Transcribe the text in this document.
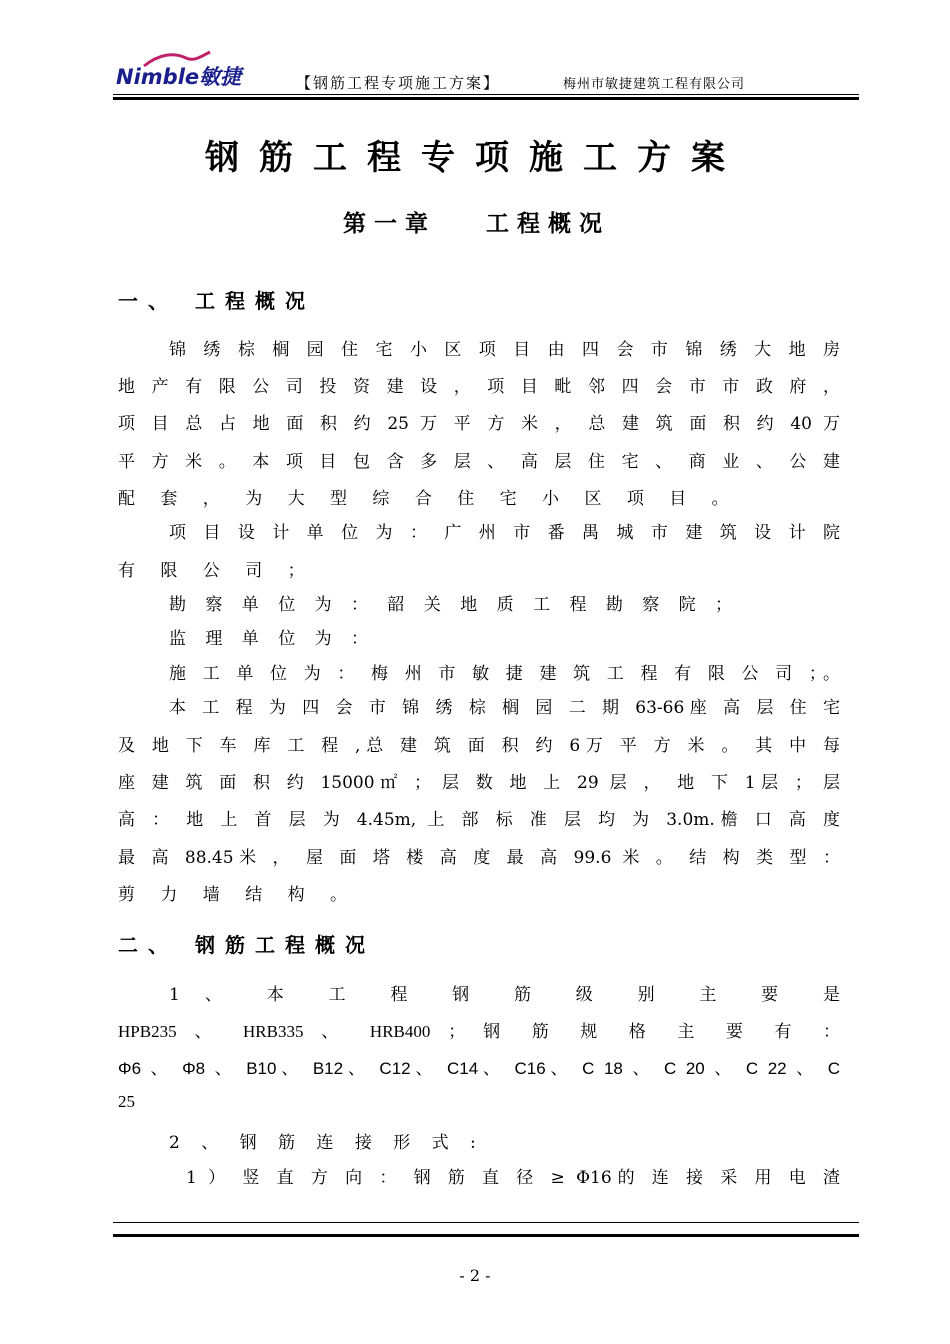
Nimble敏捷	【钢筋工程专项施工方案】	梅州市敏捷建筑工程有限公司
钢筋工程专项施工方案
第一章 工程概况
一、 工程概况
锦 绣 棕 榈 园 住 宅 小 区 项 目 由 四 会 市 锦 绣 大 地 房
地 产 有 限 公 司 投 资 建 设 ， 项 目 毗 邻 四 会 市 市 政 府 ，
项 目 总 占 地 面 积 约 25 万 平 方 米 ， 总 建 筑 面 积 约 40 万
平 方 米 。 本 项 目 包 含 多 层 、 高 层 住 宅 、 商 业 、 公 建
配 套 ， 为 大 型 综 合 住 宅 小 区 项 目 。
项 目 设 计 单 位 为 ： 广 州 市 番 禺 城 市 建 筑 设 计 院
有 限 公 司 ；
勘 察 单 位 为 ： 韶 关 地 质 工 程 勘 察 院 ；
监 理 单 位 为 ：
施 工 单 位 为 ： 梅 州 市 敏 捷 建 筑 工 程 有 限 公 司 ；。
本 工 程 为 四 会 市 锦 绣 棕 榈 园 二 期 63-66座 高 层 住 宅
及 地 下 车 库 工 程 ,总 建 筑 面 积 约 6万 平 方 米 。 其 中 每
座 建 筑 面 积 约 15000㎡ ； 层 数 地 上 29 层 ， 地 下 1层 ； 层
高 ： 地 上 首 层 为 4.45m, 上 部 标 准 层 均 为 3.0m.檐 口 高 度
最 高 88.45米 ， 屋 面 塔 楼 高 度 最 高 99.6 米 。 结 构 类 型 ：
剪 力 墙 结 构 。
二、 钢筋工程概况
1 、 本 工 程 钢 筋 级 别 主 要 是
HPB235 、 HRB335 、 HRB400 ； 钢 筋 规 格 主 要 有 ：
Φ6 、 Φ8 、 B10、 B12、 C12、 C14、 C16、 C 18 、 C 20 、 C 22 、 C
25
2 、 钢 筋 连 接 形 式 :
1 ） 竖 直 方 向 ： 钢 筋 直 径 ≥ Φ16的 连 接 采 用 电 渣
- 2 -
